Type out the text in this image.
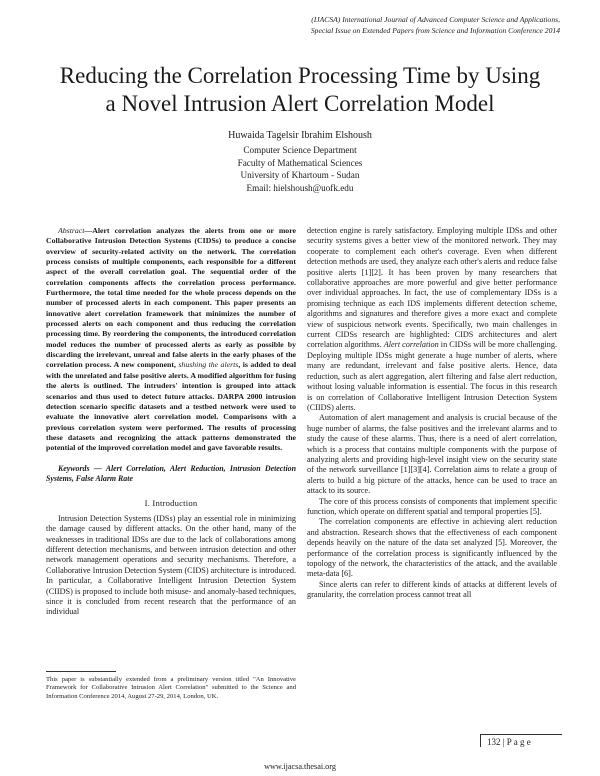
(IJACSA) International Journal of Advanced Computer Science and Applications,
Special Issue on Extended Papers from Science and Information Conference 2014
Reducing the Correlation Processing Time by Using
a Novel Intrusion Alert Correlation Model
Huwaida Tagelsir Ibrahim Elshoush
Computer Science Department
Faculty of Mathematical Sciences
University of Khartoum - Sudan
Email: hielshoush@uofk.edu

Abstract—Alert correlation analyzes the alerts from one or more Collaborative Intrusion Detection Systems (CIDSs) to produce a concise overview of security-related activity on the network. The correlation process consists of multiple components, each responsible for a different aspect of the overall correlation goal. The sequential order of the correlation components affects the correlation process performance. Furthermore, the total time needed for the whole process depends on the number of processed alerts in each component. This paper presents an innovative alert correlation framework that minimizes the number of processed alerts on each component and thus reducing the correlation processing time. By reordering the components, the introduced correlation model reduces the number of processed alerts as early as possible by discarding the irrelevant, unreal and false alerts in the early phases of the correlation process. A new component, shushing the alerts, is added to deal with the unrelated and false positive alerts. A modified algorithm for fusing the alerts is outlined. The intruders' intention is grouped into attack scenarios and thus used to detect future attacks. DARPA 2000 intrusion detection scenario specific datasets and a testbed network were used to evaluate the innovative alert correlation model. Comparisons with a previous correlation system were performed. The results of processing these datasets and recognizing the attack patterns demonstrated the potential of the improved correlation model and gave favorable results.

Keywords — Alert Correlation, Alert Reduction, Intrusion Detection Systems, False Alarm Rate

I. Introduction

Intrusion Detection Systems (IDSs) play an essential role in minimizing the damage caused by different attacks. On the other hand, many of the weaknesses in traditional IDSs are due to the lack of collaborations among different detection mechanisms, and between intrusion detection and other network management operations and security mechanisms. Therefore, a Collaborative Intrusion Detection System (CIDS) architecture is introduced. In particular, a Collaborative Intelligent Intrusion Detection System (CIIDS) is proposed to include both misuse- and anomaly-based techniques, since it is concluded from recent research that the performance of an individual

This paper is substantially extended from a preliminary version titled "An Innovative Framework for Collaborative Intrusion Alert Correlation" submitted to the Science and Information Conference 2014, August 27-29, 2014, London, UK.

detection engine is rarely satisfactory. Employing multiple IDSs and other security systems gives a better view of the monitored network. They may cooperate to complement each other's coverage. Even when different detection methods are used, they analyze each other's alerts and reduce false positive alerts [1][2]. It has been proven by many researchers that collaborative approaches are more powerful and give better performance over individual approaches. In fact, the use of complementary IDSs is a promising technique as each IDS implements different detection scheme, algorithms and signatures and therefore gives a more exact and complete view of suspicious network events. Specifically, two main challenges in current CIDSs research are highlighted: CIDS architectures and alert correlation algorithms. Alert correlation in CIDSs will be more challenging. Deploying multiple IDSs might generate a huge number of alerts, where many are redundant, irrelevant and false positive alerts. Hence, data reduction, such as alert aggregation, alert filtering and false alert reduction, without losing valuable information is essential. The focus in this research is on correlation of Collaborative Intelligent Intrusion Detection System (CIIDS) alerts.

Automation of alert management and analysis is crucial because of the huge number of alarms, the false positives and the irrelevant alarms and to study the cause of these alarms. Thus, there is a need of alert correlation, which is a process that contains multiple components with the purpose of analyzing alerts and providing high-level insight view on the security state of the network surveillance [1][3][4]. Correlation aims to relate a group of alerts to build a big picture of the attacks, hence can be used to trace an attack to its source.

The core of this process consists of components that implement specific function, which operate on different spatial and temporal properties [5].

The correlation components are effective in achieving alert reduction and abstraction. Research shows that the effectiveness of each component depends heavily on the nature of the data set analyzed [5]. Moreover, the performance of the correlation process is significantly influenced by the topology of the network, the characteristics of the attack, and the available meta-data [6].

Since alerts can refer to different kinds of attacks at different levels of granularity, the correlation process cannot treat all

132 | P a g e
www.ijacsa.thesai.org
